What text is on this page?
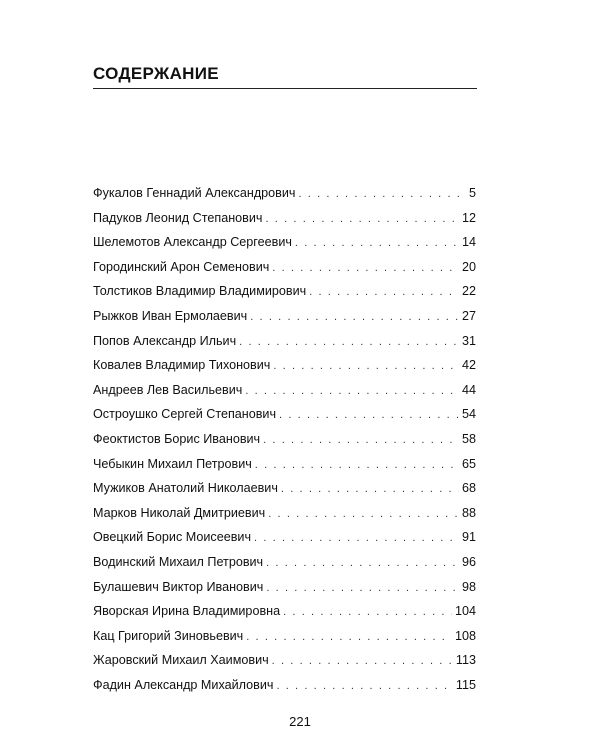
СОДЕРЖАНИЕ
Фукалов Геннадий Александрович . . .	5
Падуков Леонид Степанович . . .	12
Шелемотов Александр Сергеевич . . .	14
Городинский Арон Семенович . . .	20
Толстиков Владимир Владимирович . . .	22
Рыжков Иван Ермолаевич . . .	27
Попов Александр Ильич . . .	31
Ковалев Владимир Тихонович . . .	42
Андреев Лев Васильевич . . .	44
Остроушко Сергей Степанович . . .	54
Феоктистов Борис Иванович . . .	58
Чебыкин Михаил Петрович . . .	65
Мужиков Анатолий Николаевич . . .	68
Марков Николай Дмитриевич . . .	88
Овецкий Борис Моисеевич . . .	91
Водинский Михаил Петрович . . .	96
Булашевич Виктор Иванович . . .	98
Яворская Ирина Владимировна . . .	104
Кац Григорий Зиновьевич . . .	108
Жаровский Михаил Хаимович . . .	113
Фадин Александр Михайлович . . .	115
221
